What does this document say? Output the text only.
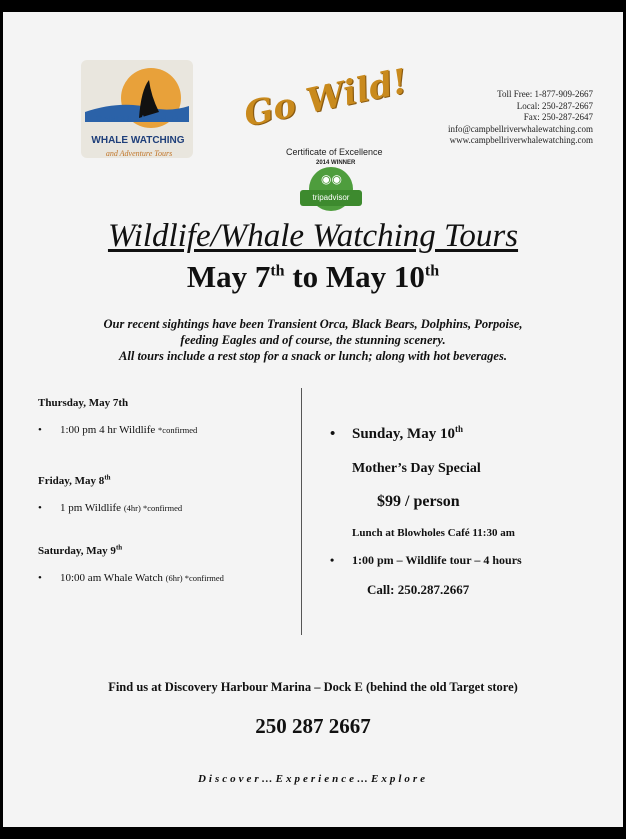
CAMPBELL RIVER
WHALE WATCHING
and Adventure Tours
Go Wild!
Certificate of Excellence
2014 WINNER
◉◉
tripadvisor
Toll Free: 1-877-909-2667
Local: 250-287-2667
Fax: 250-287-2647
info@campbellriverwhalewatching.com
www.campbellriverwhalewatching.com
Wildlife/Whale Watching Tours
May 7th to May 10th
Our recent sightings have been Transient Orca, Black Bears, Dolphins, Porpoise,
feeding Eagles and of course, the stunning scenery.
All tours include a rest stop for a snack or lunch; along with hot beverages.
Thursday, May 7th
• 1:00 pm 4 hr Wildlife *confirmed
Friday, May 8th
• 1 pm Wildlife (4hr) *confirmed
Saturday, May 9th
• 10:00 am Whale Watch (6hr) *confirmed
• Sunday, May 10th
Mother’s Day Special
$99 / person
Lunch at Blowholes Café 11:30 am
• 1:00 pm – Wildlife tour – 4 hours
Call: 250.287.2667
Find us at Discovery Harbour Marina – Dock E (behind the old Target store)
250 287 2667
Discover…Experience…Explore
